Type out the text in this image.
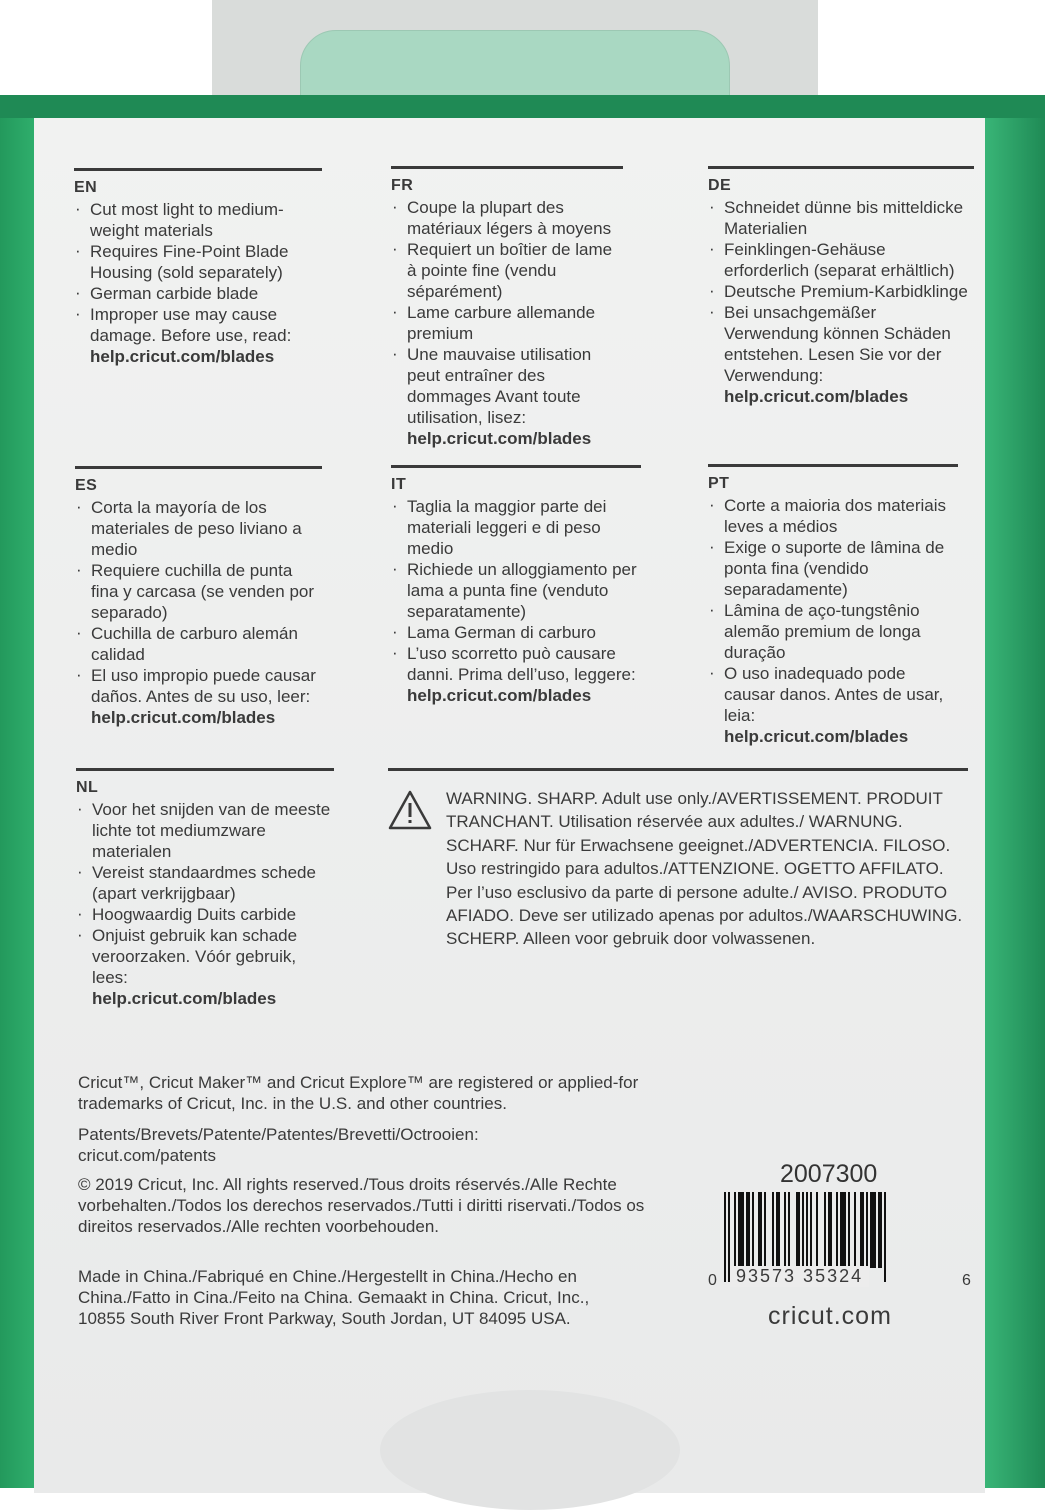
EN
· Cut most light to medium-weight materials
· Requires Fine-Point Blade Housing (sold separately)
· German carbide blade
· Improper use may cause damage. Before use, read:
help.cricut.com/blades
FR
· Coupe la plupart des matériaux légers à moyens
· Requiert un boîtier de lame à pointe fine (vendu séparément)
· Lame carbure allemande premium
· Une mauvaise utilisation peut entraîner des dommages Avant toute utilisation, lisez:
help.cricut.com/blades
DE
· Schneidet dünne bis mitteldicke Materialien
· Feinklingen-Gehäuse erforderlich (separat erhältlich)
· Deutsche Premium-Karbidklinge
· Bei unsachgemäßer Verwendung können Schäden entstehen. Lesen Sie vor der Verwendung:
help.cricut.com/blades
ES
· Corta la mayoría de los materiales de peso liviano a medio
· Requiere cuchilla de punta fina y carcasa (se venden por separado)
· Cuchilla de carburo alemán calidad
· El uso impropio puede causar daños. Antes de su uso, leer:
help.cricut.com/blades
IT
· Taglia la maggior parte dei materiali leggeri e di peso medio
· Richiede un alloggiamento per lama a punta fine (venduto separatamente)
· Lama German di carburo
· L’uso scorretto può causare danni. Prima dell’uso, leggere:
help.cricut.com/blades
PT
· Corte a maioria dos materiais leves a médios
· Exige o suporte de lâmina de ponta fina (vendido separadamente)
· Lâmina de aço-tungstênio alemão premium de longa duração
· O uso inadequado pode causar danos. Antes de usar, leia:
help.cricut.com/blades
NL
· Voor het snijden van de meeste lichte tot mediumzware materialen
· Vereist standaardmes schede (apart verkrijgbaar)
· Hoogwaardig Duits carbide
· Onjuist gebruik kan schade veroorzaken. Vóór gebruik, lees:
help.cricut.com/blades
WARNING. SHARP. Adult use only./AVERTISSEMENT. PRODUIT TRANCHANT. Utilisation réservée aux adultes./ WARNUNG. SCHARF. Nur für Erwachsene geeignet./ADVERTENCIA. FILOSO. Uso restringido para adultos./ATTENZIONE. OGETTO AFFILATO. Per l’uso esclusivo da parte di persone adulte./ AVISO. PRODUTO AFIADO. Deve ser utilizado apenas por adultos./WAARSCHUWING. SCHERP. Alleen voor gebruik door volwassenen.
Cricut™, Cricut Maker™ and Cricut Explore™ are registered or applied-for trademarks of Cricut, Inc. in the U.S. and other countries.
Patents/Brevets/Patente/Patentes/Brevetti/Octrooien: cricut.com/patents
© 2019 Cricut, Inc. All rights reserved./Tous droits réservés./Alle Rechte vorbehalten./Todos los derechos reservados./Tutti i diritti riservati./Todos os direitos reservados./Alle rechten voorbehouden.
Made in China./Fabriqué en Chine./Hergestellt in China./Hecho en China./Fatto in Cina./Feito na China. Gemaakt in China. Cricut, Inc., 10855 South River Front Parkway, South Jordan, UT 84095 USA.
2007300
0	93573 35324	6
cricut.com
